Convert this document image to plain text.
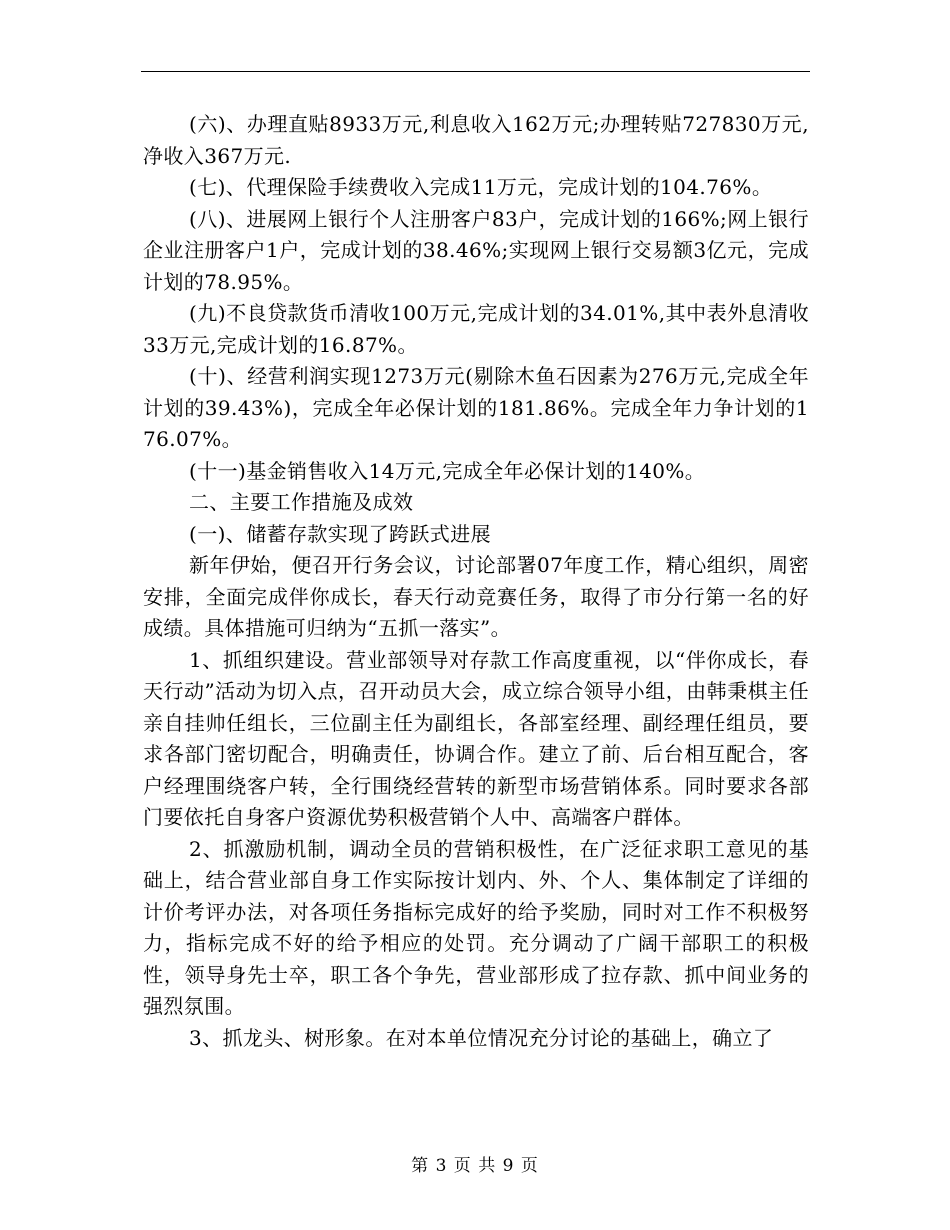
(六)、办理直贴8933万元,利息收入162万元;办理转贴727830万元,净收入367万元.

(七)、代理保险手续费收入完成11万元，完成计划的104.76%。

(八)、进展网上银行个人注册客户83户，完成计划的166%;网上银行企业注册客户1户，完成计划的38.46%;实现网上银行交易额3亿元，完成计划的78.95%。

(九)不良贷款货币清收100万元,完成计划的34.01%,其中表外息清收33万元,完成计划的16.87%。

(十)、经营利润实现1273万元(剔除木鱼石因素为276万元,完成全年计划的39.43%)，完成全年必保计划的181.86%。完成全年力争计划的176.07%。

(十一)基金销售收入14万元,完成全年必保计划的140%。

二、主要工作措施及成效

(一)、储蓄存款实现了跨跃式进展

新年伊始，便召开行务会议，讨论部署07年度工作，精心组织，周密安排，全面完成伴你成长，春天行动竞赛任务，取得了市分行第一名的好成绩。具体措施可归纳为“五抓一落实”。

1、抓组织建设。营业部领导对存款工作高度重视，以“伴你成长，春天行动”活动为切入点，召开动员大会，成立综合领导小组，由韩秉棋主任亲自挂帅任组长，三位副主任为副组长，各部室经理、副经理任组员，要求各部门密切配合，明确责任，协调合作。建立了前、后台相互配合，客户经理围绕客户转，全行围绕经营转的新型市场营销体系。同时要求各部门要依托自身客户资源优势积极营销个人中、高端客户群体。

2、抓激励机制，调动全员的营销积极性，在广泛征求职工意见的基础上，结合营业部自身工作实际按计划内、外、个人、集体制定了详细的计价考评办法，对各项任务指标完成好的给予奖励，同时对工作不积极努力，指标完成不好的给予相应的处罚。充分调动了广阔干部职工的积极性，领导身先士卒，职工各个争先，营业部形成了拉存款、抓中间业务的强烈氛围。

3、抓龙头、树形象。在对本单位情况充分讨论的基础上，确立了

第 3 页 共 9 页
